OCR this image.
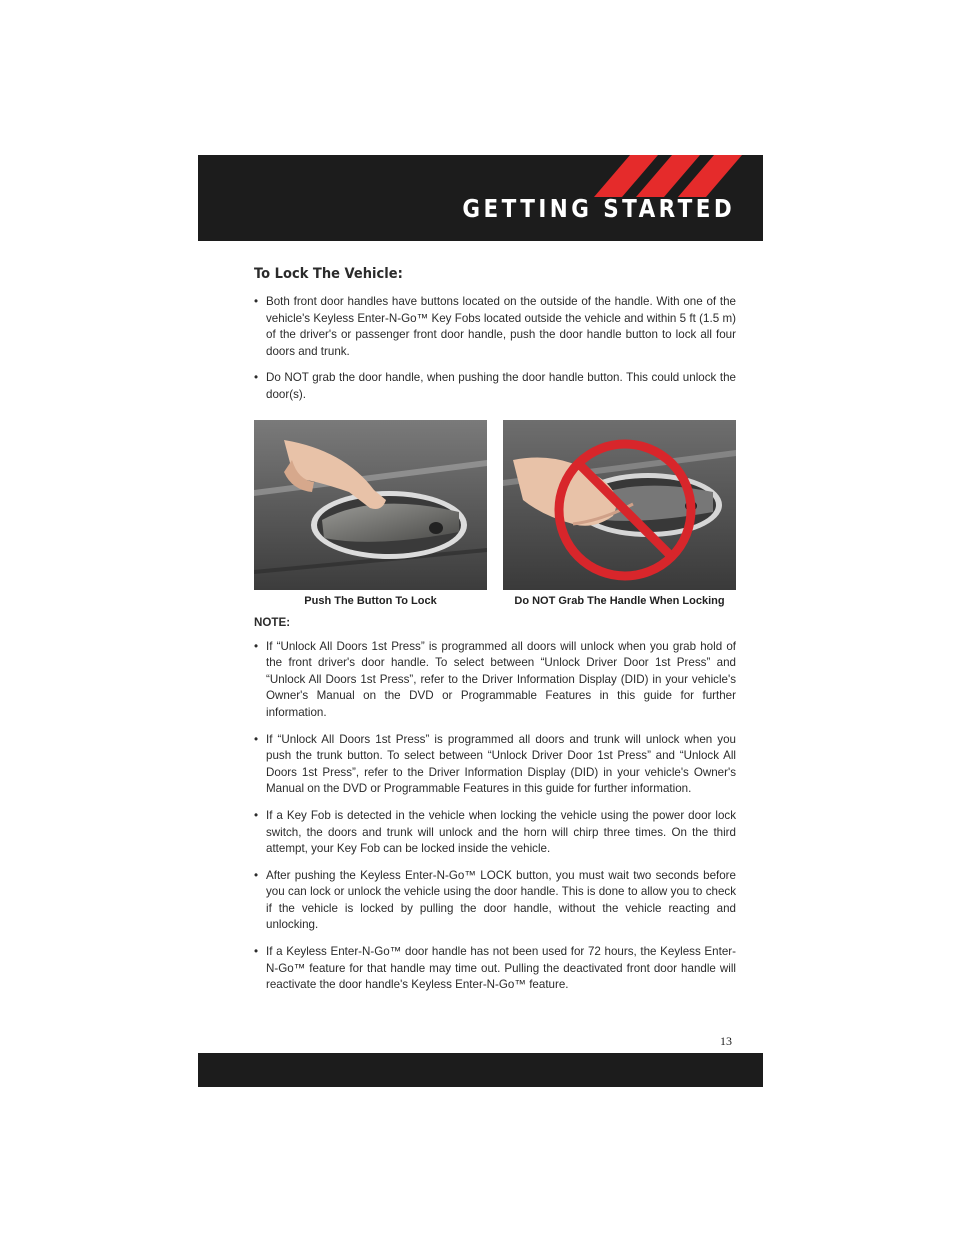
GETTING STARTED
To Lock The Vehicle:
• Both front door handles have buttons located on the outside of the handle. With one of the vehicle's Keyless Enter-N-Go™ Key Fobs located outside the vehicle and within 5 ft (1.5 m) of the driver's or passenger front door handle, push the door handle button to lock all four doors and trunk.
• Do NOT grab the door handle, when pushing the door handle button. This could unlock the door(s).
Push The Button To Lock	Do NOT Grab The Handle When Locking
NOTE:
• If “Unlock All Doors 1st Press” is programmed all doors will unlock when you grab hold of the front driver's door handle. To select between “Unlock Driver Door 1st Press” and “Unlock All Doors 1st Press”, refer to the Driver Information Display (DID) in your vehicle's Owner's Manual on the DVD or Programmable Features in this guide for further information.
• If “Unlock All Doors 1st Press” is programmed all doors and trunk will unlock when you push the trunk button. To select between “Unlock Driver Door 1st Press” and “Unlock All Doors 1st Press”, refer to the Driver Information Display (DID) in your vehicle's Owner's Manual on the DVD or Programmable Features in this guide for further information.
• If a Key Fob is detected in the vehicle when locking the vehicle using the power door lock switch, the doors and trunk will unlock and the horn will chirp three times. On the third attempt, your Key Fob can be locked inside the vehicle.
• After pushing the Keyless Enter-N-Go™ LOCK button, you must wait two seconds before you can lock or unlock the vehicle using the door handle. This is done to allow you to check if the vehicle is locked by pulling the door handle, without the vehicle reacting and unlocking.
• If a Keyless Enter-N-Go™ door handle has not been used for 72 hours, the Keyless Enter-N-Go™ feature for that handle may time out. Pulling the deactivated front door handle will reactivate the door handle's Keyless Enter-N-Go™ feature.
13
